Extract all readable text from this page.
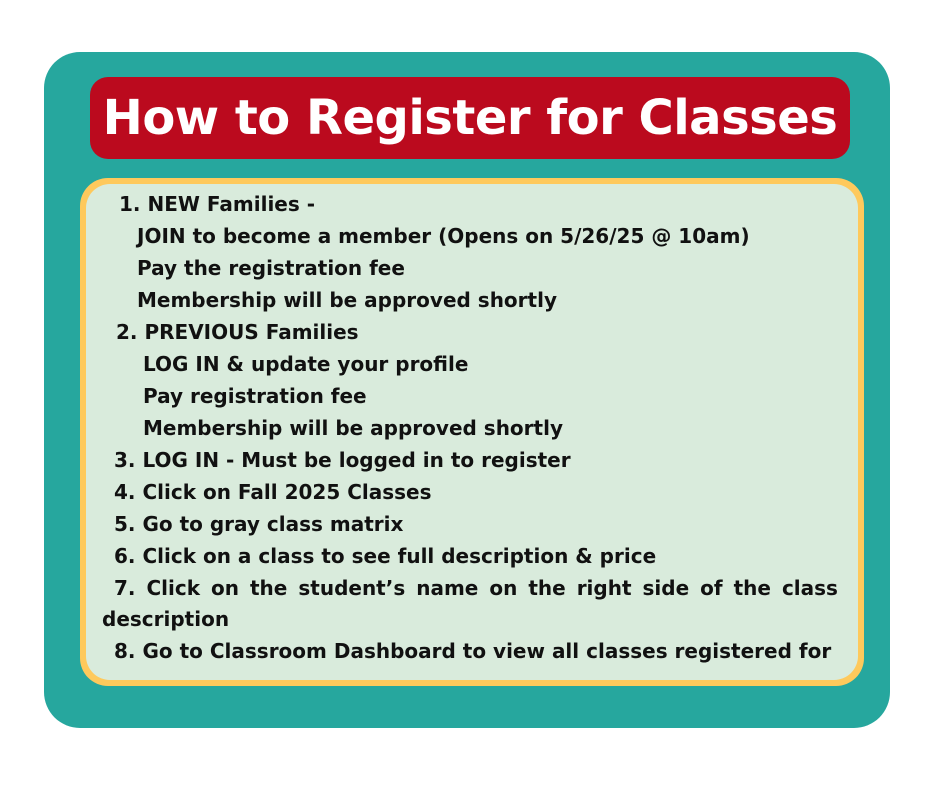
How to Register for Classes
1. NEW Families -
JOIN to become a member (Opens on 5/26/25 @ 10am)
Pay the registration fee
Membership will be approved shortly
2. PREVIOUS Families
LOG IN & update your profile
Pay registration fee
Membership will be approved shortly
3. LOG IN - Must be logged in to register
4. Click on Fall 2025 Classes
5. Go to gray class matrix
6. Click on a class to see full description & price
7. Click on the student’s name on the right side of the class
description
8. Go to Classroom Dashboard to view all classes registered for
